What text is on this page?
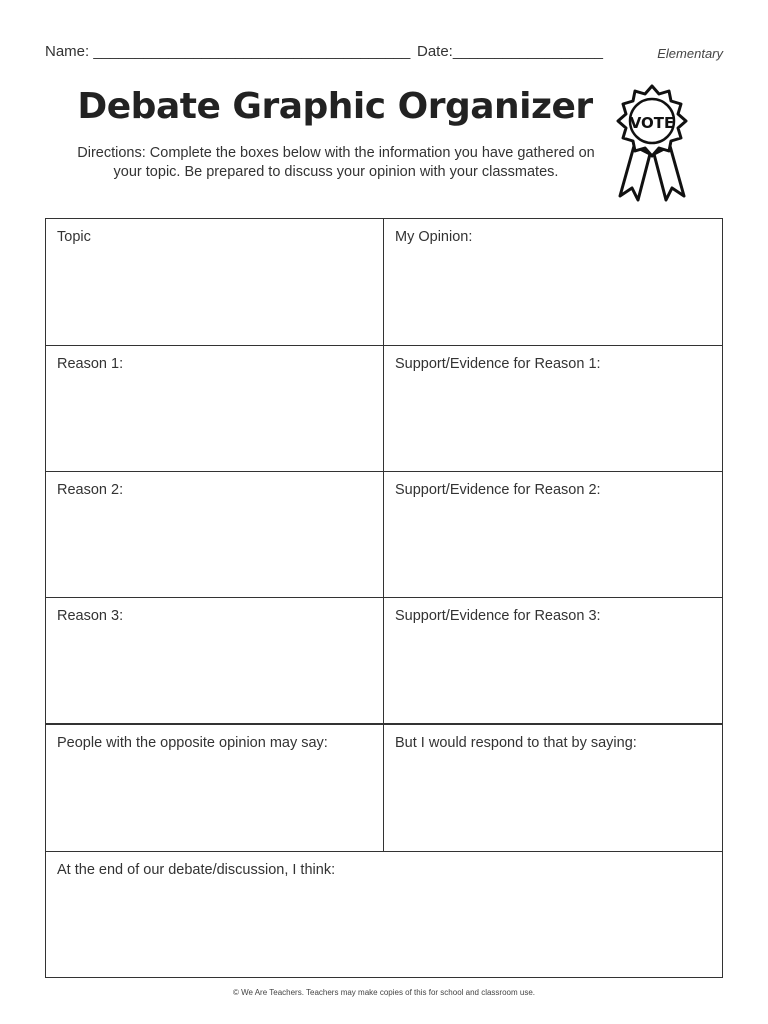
Name: ______________________________________ Date:__________________	Elementary
Debate Graphic Organizer

Directions: Complete the boxes below with the information you have gathered on your topic. Be prepared to discuss your opinion with your classmates.

VOTE
Topic	My Opinion:
Reason 1:	Support/Evidence for Reason 1:
Reason 2:	Support/Evidence for Reason 2:
Reason 3:	Support/Evidence for Reason 3:
People with the opposite opinion may say:	But I would respond to that by saying:
At the end of our debate/discussion, I think:
© We Are Teachers. Teachers may make copies of this for school and classroom use.
